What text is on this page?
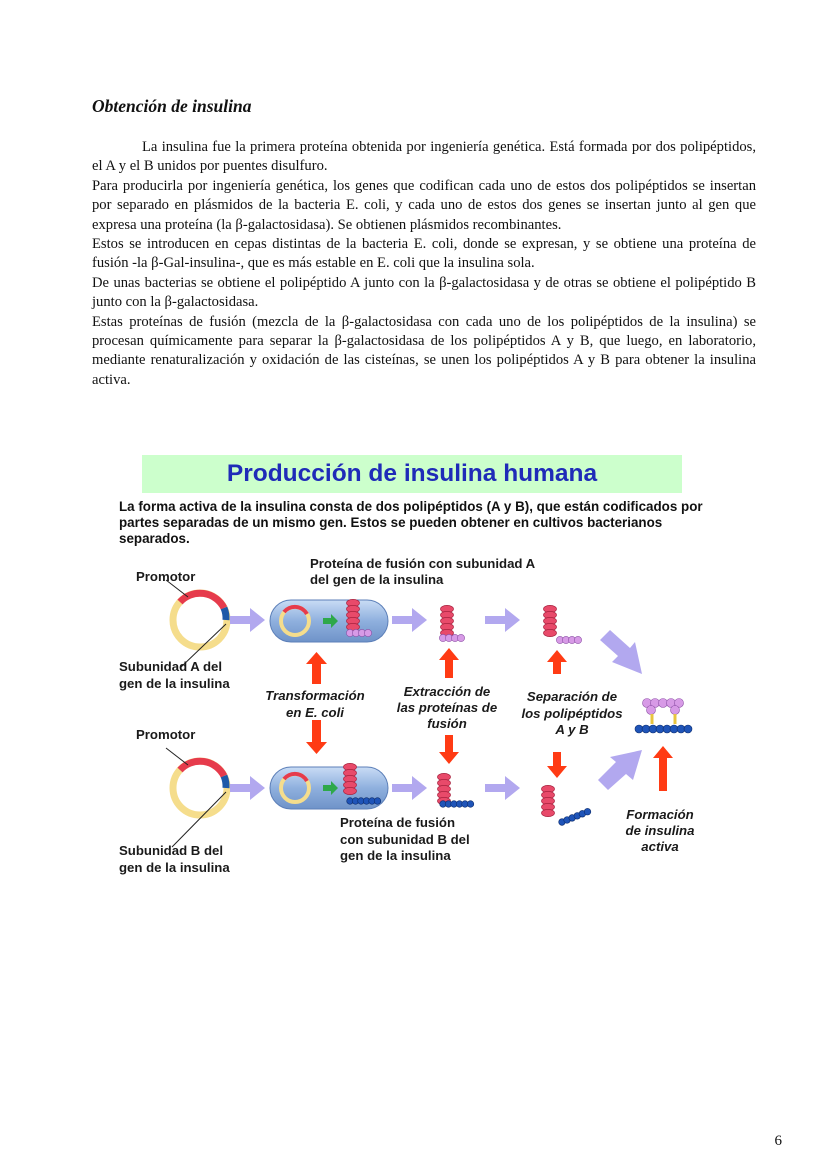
Obtención de insulina

La insulina fue la primera proteína obtenida por ingeniería genética. Está formada por dos polipéptidos, el A y el B unidos por puentes disulfuro.

Para producirla por ingeniería genética, los genes que codifican cada uno de estos dos polipéptidos se insertan por separado en plásmidos de la bacteria E. coli, y cada uno de estos dos genes se insertan junto al gen que expresa una proteína (la β-galactosidasa). Se obtienen plásmidos recombinantes.

Estos se introducen en cepas distintas de la bacteria E. coli, donde se expresan, y se obtiene una proteína de fusión -la β-Gal-insulina-, que es más estable en E. coli que la insulina sola.

De unas bacterias se obtiene el polipéptido A junto con la β-galactosidasa y de otras se obtiene el polipéptido B junto con la β-galactosidasa.

Estas proteínas de fusión (mezcla de la β-galactosidasa con cada uno de los polipéptidos de la insulina) se procesan químicamente para separar la β-galactosidasa de los polipéptidos A y B, que luego, en laboratorio, mediante renaturalización y oxidación de las cisteínas, se unen los polipéptidos A y B para obtener la insulina activa.

Producción de insulina humana
La forma activa de la insulina consta de dos polipéptidos (A y B), que están codificados por partes separadas de un mismo gen. Estos se pueden obtener en cultivos bacterianos separados.
Promotor
Subunidad A del
gen de la insulina
Promotor
Subunidad B del
gen de la insulina
Proteína de fusión con subunidad A
del gen de la insulina
Proteína de fusión
con subunidad B del
gen de la insulina
Transformación
en E. coli
Extracción de
las proteínas de
fusión
Separación de
los polipéptidos
A y B
Formación
de insulina
activa
6
